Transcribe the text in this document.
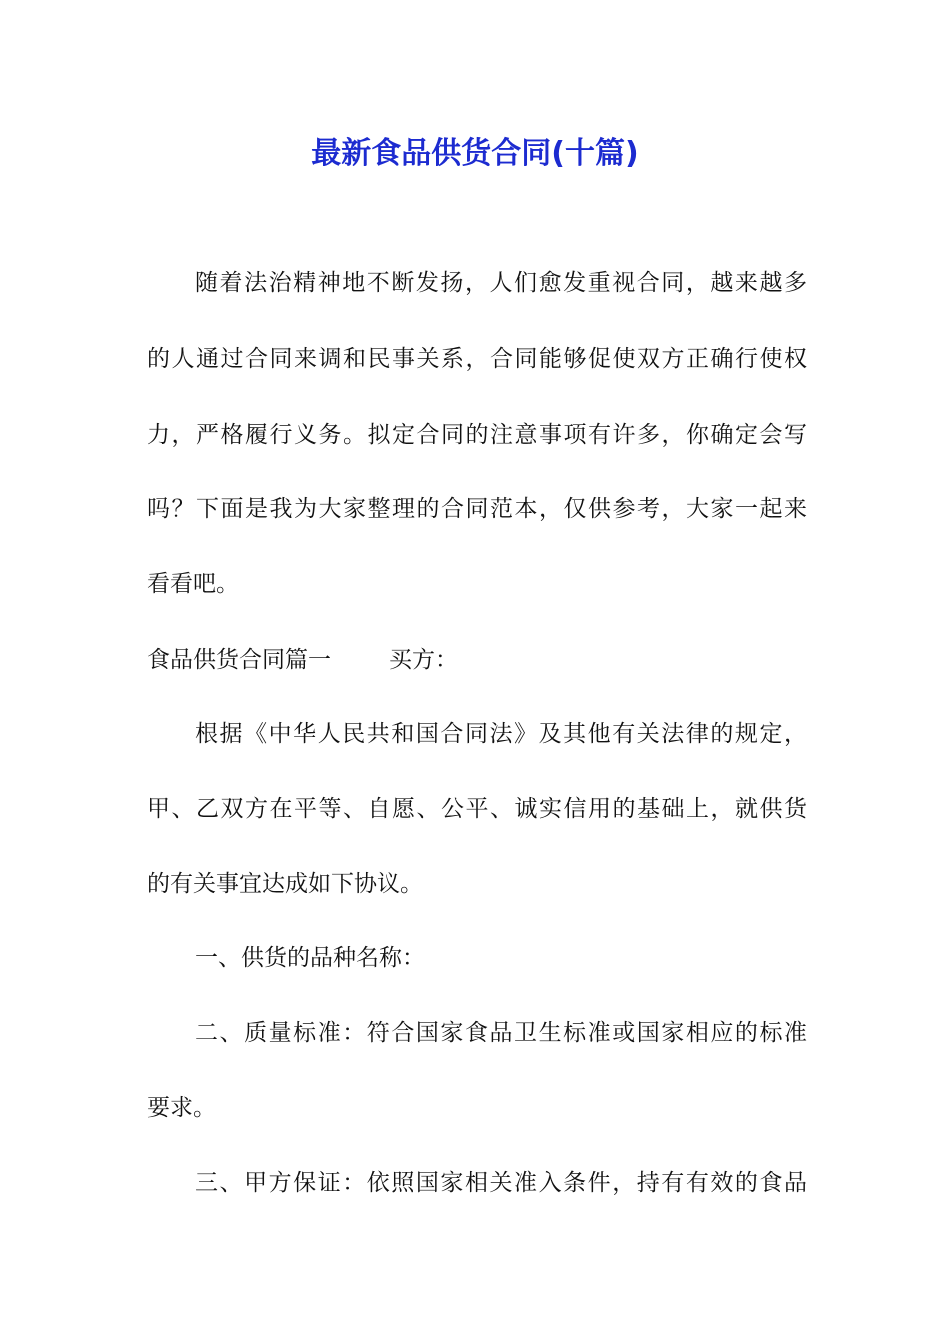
最新食品供货合同(十篇)

随着法治精神地不断发扬，人们愈发重视合同，越来越多

的人通过合同来调和民事关系，合同能够促使双方正确行使权

力，严格履行义务。拟定合同的注意事项有许多，你确定会写

吗？下面是我为大家整理的合同范本，仅供参考，大家一起来

看看吧。

食品供货合同篇一	买方：

根据《中华人民共和国合同法》及其他有关法律的规定，

甲、乙双方在平等、自愿、公平、诚实信用的基础上，就供货

的有关事宜达成如下协议。

一、供货的品种名称：

二、质量标准：符合国家食品卫生标准或国家相应的标准

要求。

三、甲方保证：依照国家相关准入条件，持有有效的食品
